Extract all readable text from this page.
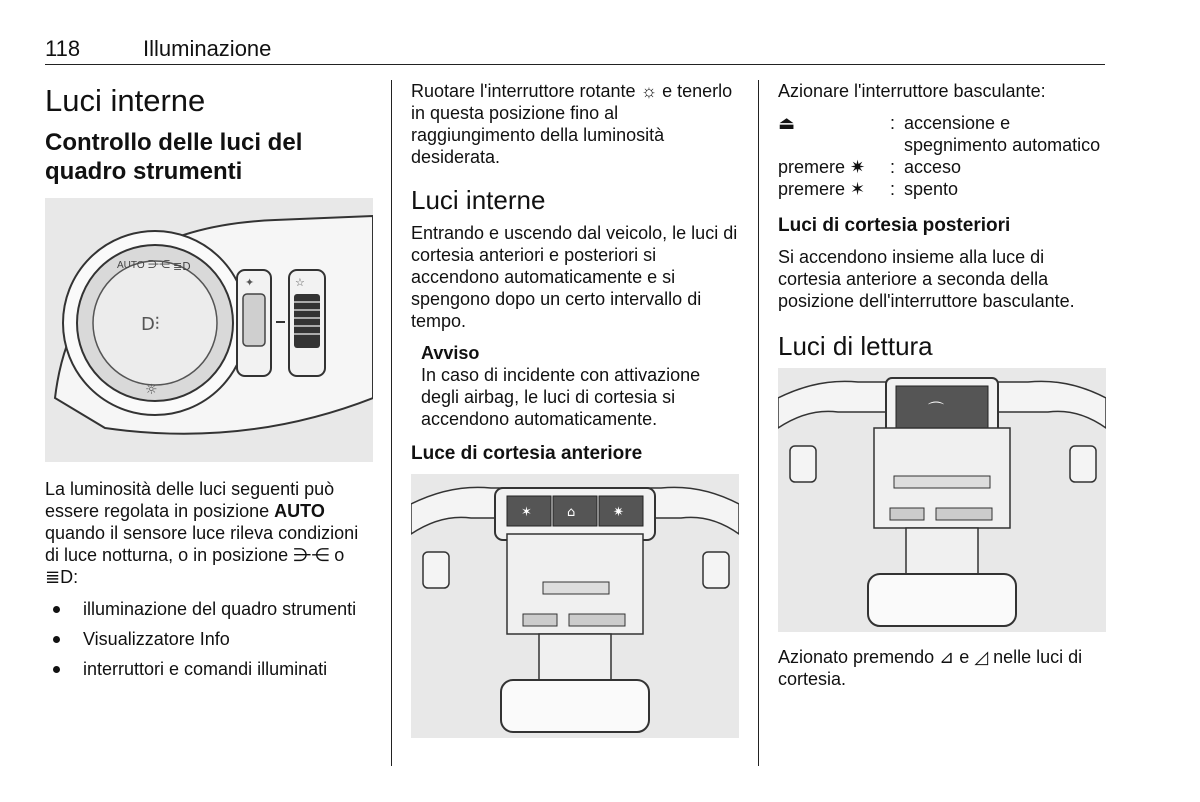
118	Illuminazione
Luci interne
Controllo delle luci del quadro strumenti
AUTO ⋺⋲ ≣D
D⫶
☼
✦	☆

La luminosità delle luci seguenti può essere regolata in posizione AUTO quando il sensore luce rileva condizioni di luce notturna, o in posizione ⋺⋲ o ≣D:

illuminazione del quadro strumenti
Visualizzatore Info
interruttori e comandi illuminati

Ruotare l'interruttore rotante ☼ e tenerlo in questa posizione fino al raggiungimento della luminosità desiderata.

Luci interne

Entrando e uscendo dal veicolo, le luci di cortesia anteriori e posteriori si accendono automaticamente e si spengono dopo un certo intervallo di tempo.

Avviso

In caso di incidente con attivazione degli airbag, le luci di cortesia si accendono automaticamente.

Luce di cortesia anteriore
✶	⌂	✷

Azionare l'interruttore basculante:

⏏	: accensione e spegnimento automatico
premere ✷	: acceso
premere ✶	: spento
Luci di cortesia posteriori

Si accendono insieme alla luce di cortesia anteriore a seconda della posizione dell'interruttore basculante.

Luci di lettura
⌒

Azionato premendo ⊿ e ◿ nelle luci di cortesia.
